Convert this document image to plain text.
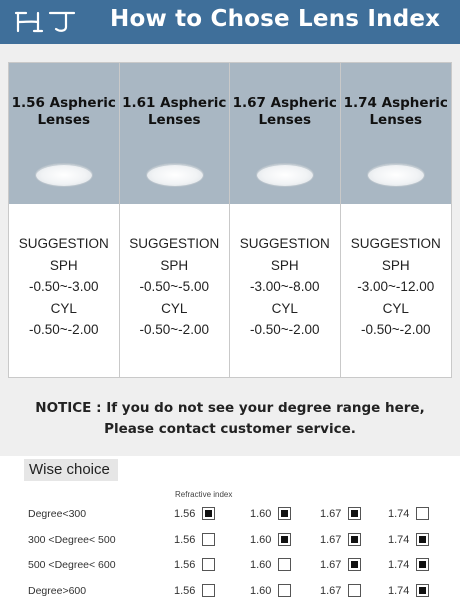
How to Chose Lens Index
1.56 Aspheric
Lenses
SUGGESTION
SPH
-0.50~-3.00
CYL
-0.50~-2.00
1.61 Aspheric
Lenses
SUGGESTION
SPH
-0.50~-5.00
CYL
-0.50~-2.00
1.67 Aspheric
Lenses
SUGGESTION
SPH
-3.00~-8.00
CYL
-0.50~-2.00
1.74 Aspheric
Lenses
SUGGESTION
SPH
-3.00~-12.00
CYL
-0.50~-2.00
NOTICE : If you do not see your degree range here,
Please contact customer service.
Wise choice
Refractive index
Degree<300	1.56	1.60	1.67	1.74
300 <Degree< 500	1.56	1.60	1.67	1.74
500 <Degree< 600	1.56	1.60	1.67	1.74
Degree>600	1.56	1.60	1.67	1.74
